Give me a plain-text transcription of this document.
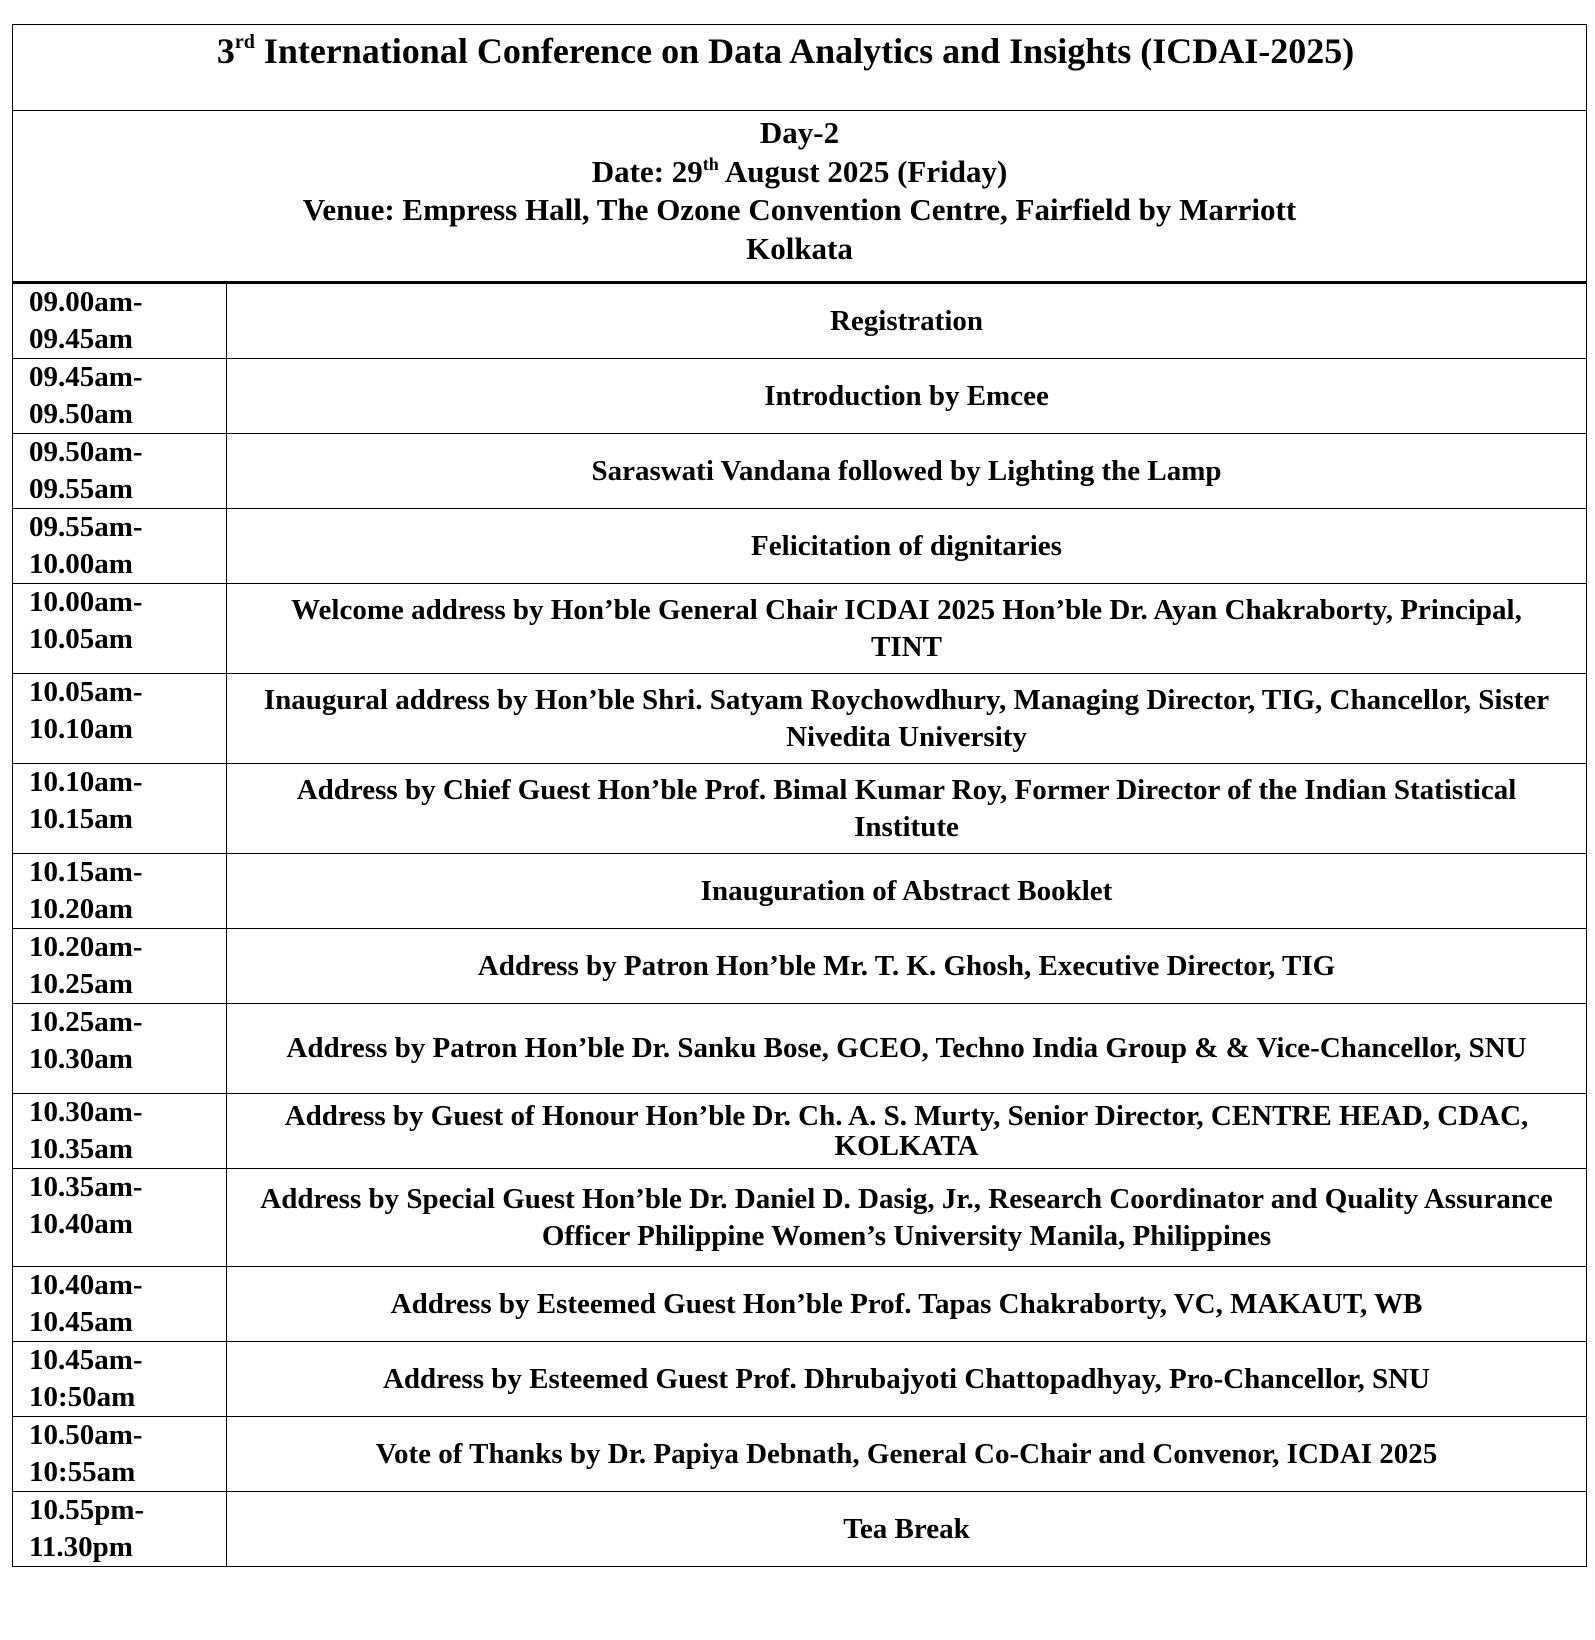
3rd International Conference on Data Analytics and Insights (ICDAI-2025)	

Day-2
Date: 29th August 2025 (Friday)
Venue: Empress Hall, The Ozone Convention Centre, Fairfield by Marriott Kolkata	

09.00am-
09.45am	Registration

09.45am-
09.50am	Introduction by Emcee

09.50am-
09.55am	Saraswati Vandana followed by Lighting the Lamp

09.55am-
10.00am	Felicitation of dignitaries

10.00am-
10.05am	Welcome address by Hon’ble General Chair ICDAI 2025 Hon’ble Dr. Ayan Chakraborty, Principal, TINT

10.05am-
10.10am	Inaugural address by Hon’ble Shri. Satyam Roychowdhury, Managing Director, TIG, Chancellor, Sister Nivedita University

10.10am-
10.15am	Address by Chief Guest Hon’ble Prof. Bimal Kumar Roy, Former Director of the Indian Statistical Institute

10.15am-
10.20am	Inauguration of Abstract Booklet

10.20am-
10.25am	Address by Patron Hon’ble Mr. T. K. Ghosh, Executive Director, TIG

10.25am-
10.30am	Address by Patron Hon’ble Dr. Sanku Bose, GCEO, Techno India Group & & Vice-Chancellor, SNU

10.30am-
10.35am	Address by Guest of Honour Hon’ble Dr. Ch. A. S. Murty, Senior Director, CENTRE HEAD, CDAC, KOLKATA

10.35am-
10.40am	Address by Special Guest Hon’ble Dr. Daniel D. Dasig, Jr., Research Coordinator and Quality Assurance Officer Philippine Women’s University Manila, Philippines

10.40am-
10.45am	Address by Esteemed Guest Hon’ble Prof. Tapas Chakraborty, VC, MAKAUT, WB

10.45am-
10:50am	Address by Esteemed Guest Prof. Dhrubajyoti Chattopadhyay, Pro-Chancellor, SNU

10.50am-
10:55am	Vote of Thanks by Dr. Papiya Debnath, General Co-Chair and Convenor, ICDAI 2025

10.55pm-
11.30pm	Tea Break
